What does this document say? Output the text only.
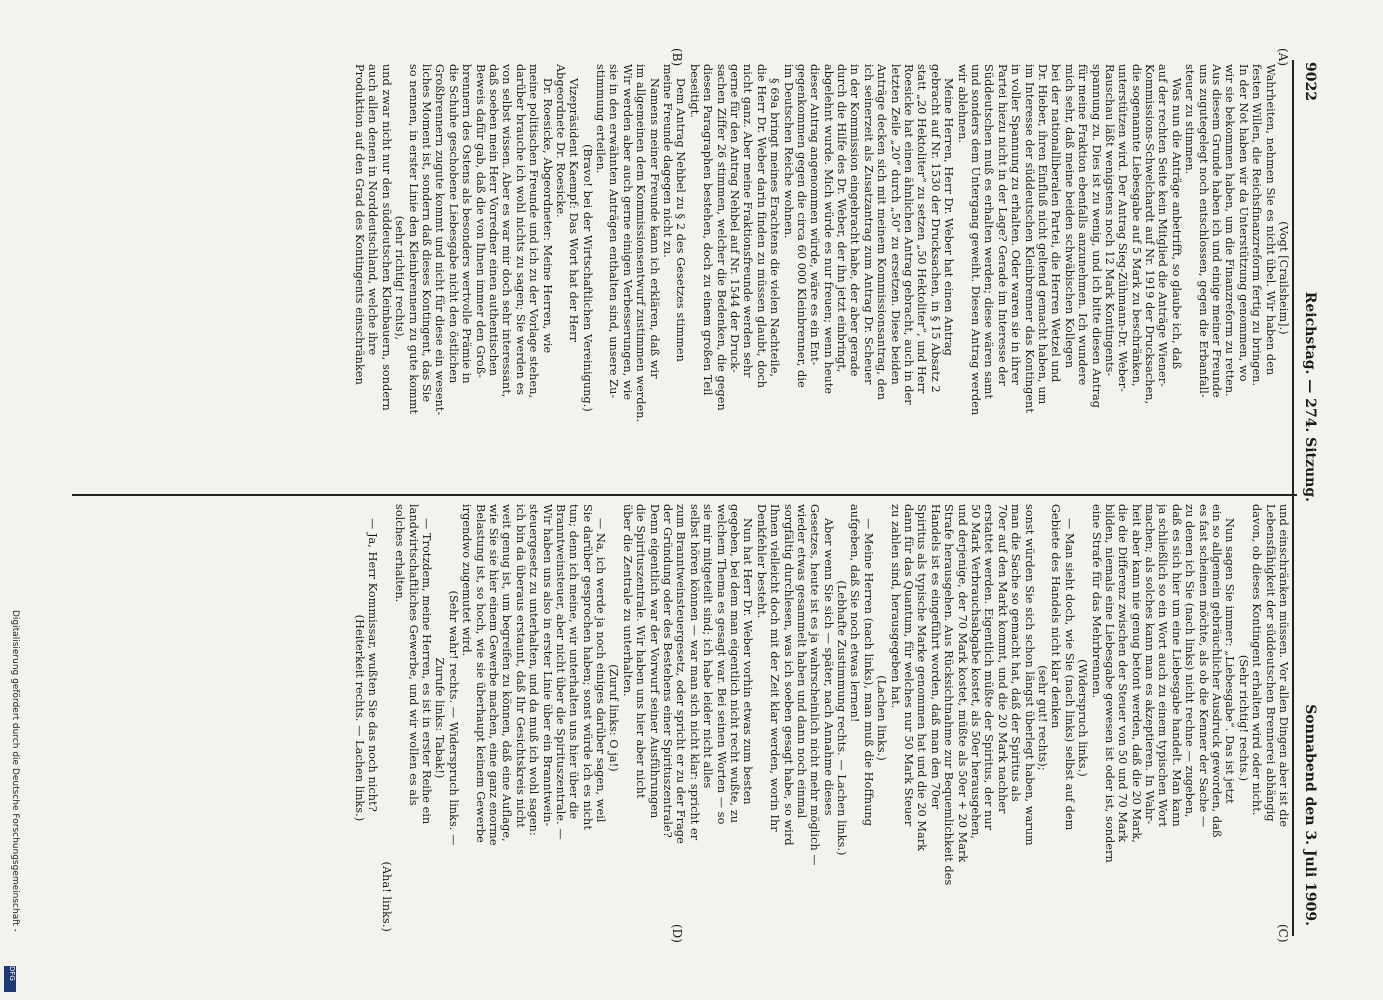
9022 Reichstag. — 274. Sitzung.
Sonnabend den 3. Juli 1909.
(A)
(B)
(C)
(D)
(Vogt [Crailsheim].)
Wahrheiten, nehmen Sie es nicht übel. Wir haben den
festen Willen, die Reichsfinanzreform fertig zu bringen.
In der Not haben wir da Unterstützung genommen, wo
wir sie bekommen haben, um die Finanzreform zu retten.
Aus diesem Grunde haben ich und einige meiner Freunde
uns zugutegelegt noch entschlossen, gegen die Erbanfall-
steuer zu stimmen.
Was nun die Anträge anbetrifft, so glaube ich, daß
auf der rechten Seite kein Mitglied die Anträge Wiener-
Kommissions-Schwelchardt auf Nr. 1919 der Drucksachen,
die sogenannte Liebesgabe auf 5 Mark zu beschränken,
unterstützen wird. Der Antrag Sieg-Zühmann-Dr. Weber-
Rauschau läßt wenigstens noch 12 Mark Kontingents-
spannung zu. Dies ist zu wenig, und ich bitte diesen Antrag
für meine Fraktion ebenfalls anzunehmen. Ich wundere
mich sehr, daß meine beiden schwäbischen Kollegen
bei der nationalliberalen Partei, die Herren Wetzel und
Dr. Hieber, ihren Einfluß nicht geltend gemacht haben, um
im Interesse der süddeutschen Kleinbrenner das Kontingent
in voller Spannung zu erhalten. Oder waren sie in ihrer
Partei hiezu nicht in der Lage? Gerade im Interesse der
Süddeutschen muß es erhalten werden; diese wären samt
und sonders dem Untergang geweiht. Diesen Antrag werden
wir ablehnen.
Meine Herren, Herr Dr. Weber hat einen Antrag
gebracht auf Nr. 1530 der Drucksachen, in § 15 Absatz 2
statt „20 Hektoliter“ zu setzen „50 Hektoliter“, und Herr
Roesicke hat einen ähnlichen Antrag gebracht, auch in der
letzten Zeile „20“ durch „50“ zu ersetzen. Diese beiden
Anträge decken sich mit meinem Kommissionsantrag, den
ich seinerzeit als Zusatzantrag zum Antrag Dr. Scheuer
in der Kommission eingebracht habe, der aber gerade
durch die Hilfe des Dr. Weber, der ihn jetzt einbringt,
abgelehnt wurde. Mich würde es nur freuen; wenn heute
dieser Antrag angenommen würde, wäre es ein Ent-
gegenkommen gegen die circa 60 000 Kleinbrenner, die
im Deutschen Reiche wohnen.
§ 69a bringt meines Erachtens die vielen Nachteile,
die Herr Dr. Weber darin finden zu müssen glaubt, doch
nicht ganz. Aber meine Fraktionsfreunde werden sehr
gerne für den Antrag Nehbel auf Nr. 1544 der Druck-
sachen Ziffer 26 stimmen, welcher die Bedenken, die gegen
diesen Paragraphen bestehen, doch zu einem großen Teil
beseitigt.
Dem Antrag Nehbel zu § 2 des Gesetzes stimmen
meine Freunde dagegen nicht zu.
Namens meiner Freunde kann ich erklären, daß wir
im allgemeinen dem Kommissionsentwurf zustimmen werden.
Wir werden aber auch gerne einigen Verbesserungen, wie
sie in den erwähnten Anträgen enthalten sind, unsere Zu-
stimmung erteilen.
(Bravo! bei der Wirtschaftlichen Vereinigung.)
Vizepräsident Kaempf: Das Wort hat der Herr
Abgeordnete Dr. Roesicke.
Dr. Roesicke, Abgeordneter: Meine Herren, wie
meine politischen Freunde und ich zu der Vorlage stehen,
darüber brauche ich wohl nichts zu sagen; Sie werden es
von selbst wissen. Aber es war mir doch sehr interessant,
daß soeben mein Herr Vorredner einen authentischen
Beweis dafür gab, daß die von Ihnen immer den Groß-
brennern des Ostens als besonders wertvolle Prämie in
die Schuhe geschobene Liebesgabe nicht den östlichen
Großbrennern zugute kommt und nicht für diese ein wesent-
liches Moment ist, sondern daß dieses Kontingent, das Sie
so nennen, in erster Linie den Kleinbrennern zu gute kommt
(sehr richtig! rechts),
und zwar nicht nur den süddeutschen Kleinbauern, sondern
auch allen denen in Norddeutschland, welche ihre
Produktion auf den Grad des Kontingents einschränken
und einschränken müssen. Vor allen Dingen aber ist die
Lebensfähigkeit der süddeutschen Brennerei abhängig
davon, ob dieses Kontingent erhalten wird oder nicht.
(Sehr richtig! rechts.)
Nun sagen Sie immer: „Liebesgabe“. Das ist jetzt
ein so allgemein gebräuchlicher Ausdruck geworden, daß
es fast scheinen möchte, als ob die Kenner der Sache —
zu denen ich Sie (nach links) nicht rechne — zugeben,
daß es sich hier um eine Liebesgabe handelt. Man kann
ja schließlich so ein Wort auch zu einem typischen Wort
machen; als solches kann man es akzeptieren. In Wahr-
heit aber kann nie genug betont werden, daß die 20 Mark,
die die Differenz zwischen der Steuer von 50 und 70 Mark
bilden, niemals eine Liebesgabe gewesen ist oder ist, sondern
eine Strafe für das Mehrbrennen.
(Widerspruch links.)
— Man sieht doch, wie Sie (nach links) selbst auf dem
Gebiete des Handels nicht klar denken
(sehr gut! rechts);
sonst würden Sie sich schon längst überlegt haben, warum
man die Sache so gemacht hat, daß der Spiritus als
70er auf den Markt kommt, und die 20 Mark nachher
erstattet werden. Eigentlich müßte der Spiritus, der nur
50 Mark Verbrauchsabgabe kostet, als 50er herausgehen,
und derjenige, der 70 Mark kostet, müßte als 50er + 20 Mark
Strafe herausgehen. Aus Rücksichtnahme zur Bequemlichkeit des
Handels ist es eingeführt worden, daß man den 70er
Spiritus als typische Marke genommen hat und die 20 Mark
dann für das Quantum, für welches nur 50 Mark Steuer
zu zahlen sind, herausgegeben hat.
(Lachen links.)
— Meine Herren (nach links), man muß die Hoffnung
aufgeben, daß Sie noch etwas lernen!
(Lebhafte Zustimmung rechts. — Lachen links.)
Aber wenn Sie sich — später, nach Annahme dieses
Gesetzes, heute ist es ja wahrscheinlich nicht mehr möglich —
wieder etwas gesammelt haben und dann noch einmal
sorgfältig durchlesen, was ich soeben gesagt habe, so wird
Ihnen vielleicht doch mit der Zeit klar werden, worin Ihr
Denkfehler besteht.
Nun hat Herr Dr. Weber vorhin etwas zum besten
gegeben, bei dem man eigentlich nicht recht wußte, zu
welchem Thema es gesagt war. Bei seinen Worten — so
sie mir mitgeteilt sind; ich habe leider nicht alles
selbst hören können — war man sich nicht klar: spricht er
zum Branntweinsteuergesetz, oder spricht er zu der Frage
der Gründung oder des Bestehens einer Spirituszentrale?
Denn eigentlich war der Vorwurf seiner Ausführungen
die Spirituszentrale. Wir haben uns hier aber nicht
über die Zentrale zu unterhalten.
(Zuruf links: O ja!)
— Na, ich werde ja noch einiges darüber sagen, weil
Sie darüber gesprochen haben; sonst würde ich es nicht
tun; denn ich meine, wir unterhalten uns hier über die
Branntweinsteuer, aber nicht über die Spirituszentrale. —
Wir haben uns also in erster Linie über ein Branntwein-
steuergesetz zu unterhalten, und da muß ich wohl sagen:
ich bin da überaus erstaunt, daß Ihr Gesichtskreis nicht
weit genug ist, um begreifen zu können, daß eine Auflage,
wie Sie sie hier einem Gewerbe machen, eine ganz enorme
Belastung ist, so hoch, wie sie überhaupt keinem Gewerbe
irgendwo zugemutet wird.
(Sehr wahr! rechts. — Widerspruch links. —
Zurufe links: Tabak!)
— Trotzdem, meine Herren, es ist in erster Reihe ein
landwirtschaftliches Gewerbe, und wir wollen es als
solches erhalten.
(Aha! links.)
— Ja, Herr Kommissar, wußten Sie das noch nicht?
(Heiterkeit rechts. — Lachen links.)
Digitalisierung gefördert durch die Deutsche Forschungsgemeinschaft -
DFG
